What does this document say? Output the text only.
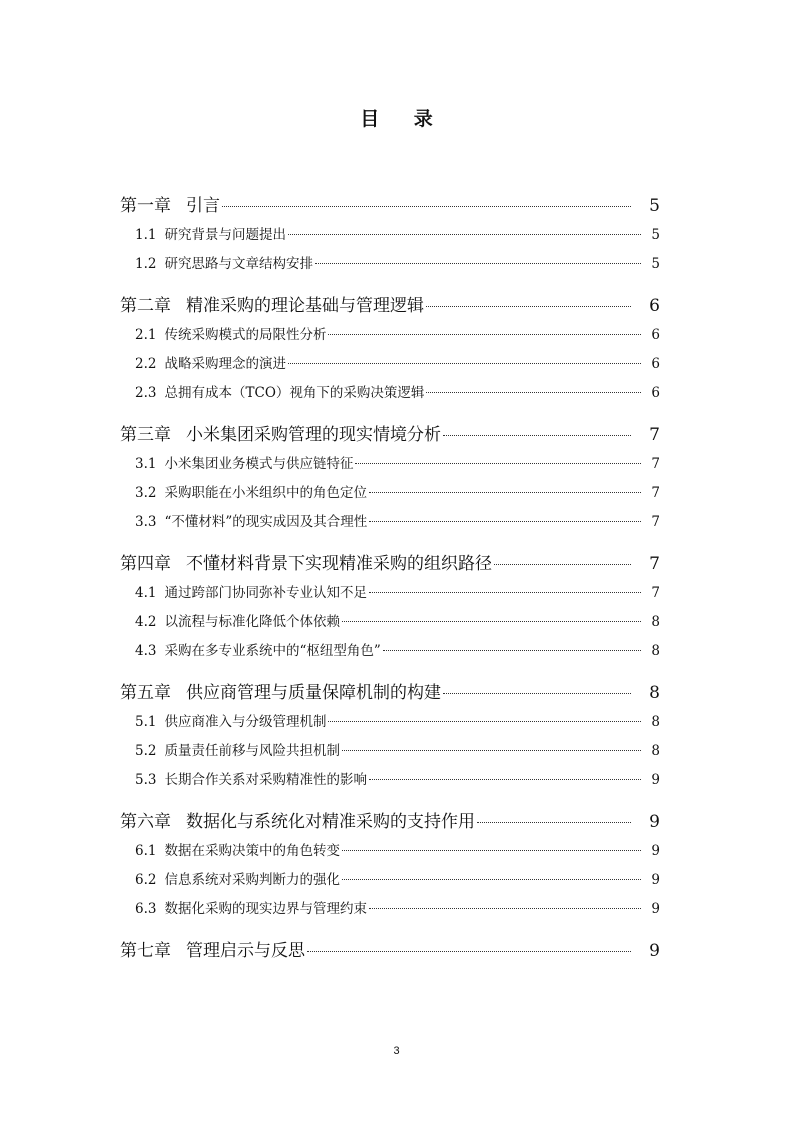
目 录
第一章 引言	5
1.1 研究背景与问题提出	5
1.2 研究思路与文章结构安排	5
第二章 精准采购的理论基础与管理逻辑	6
2.1 传统采购模式的局限性分析	6
2.2 战略采购理念的演进	6
2.3 总拥有成本（TCO）视角下的采购决策逻辑	6
第三章 小米集团采购管理的现实情境分析	7
3.1 小米集团业务模式与供应链特征	7
3.2 采购职能在小米组织中的角色定位	7
3.3 “不懂材料”的现实成因及其合理性	7
第四章 不懂材料背景下实现精准采购的组织路径	7
4.1 通过跨部门协同弥补专业认知不足	7
4.2 以流程与标准化降低个体依赖	8
4.3 采购在多专业系统中的“枢纽型角色”	8
第五章 供应商管理与质量保障机制的构建	8
5.1 供应商准入与分级管理机制	8
5.2 质量责任前移与风险共担机制	8
5.3 长期合作关系对采购精准性的影响	9
第六章 数据化与系统化对精准采购的支持作用	9
6.1 数据在采购决策中的角色转变	9
6.2 信息系统对采购判断力的强化	9
6.3 数据化采购的现实边界与管理约束	9
第七章 管理启示与反思	9
3
